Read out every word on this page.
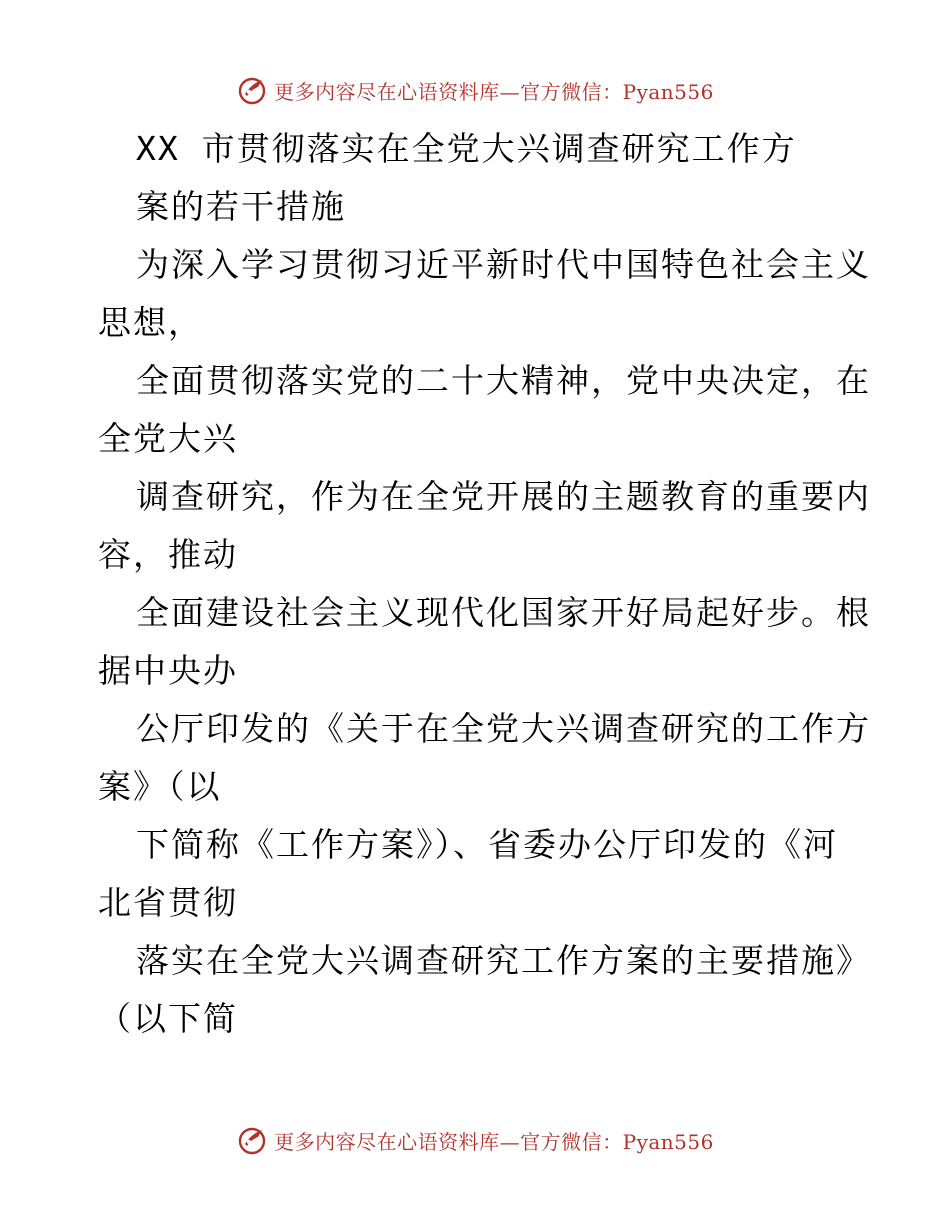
更多内容尽在心语资料库—官方微信：Pyan556
XX 市贯彻落实在全党大兴调查研究工作方
案的若干措施
为深入学习贯彻习近平新时代中国特色社会主义
思想，
全面贯彻落实党的二十大精神，党中央决定，在
全党大兴
调查研究，作为在全党开展的主题教育的重要内
容，推动
全面建设社会主义现代化国家开好局起好步。根
据中央办
公厅印发的《关于在全党大兴调查研究的工作方
案》（以
下简称《工作方案》）、省委办公厅印发的《河
北省贯彻
落实在全党大兴调查研究工作方案的主要措施》
（以下简
更多内容尽在心语资料库—官方微信：Pyan556
